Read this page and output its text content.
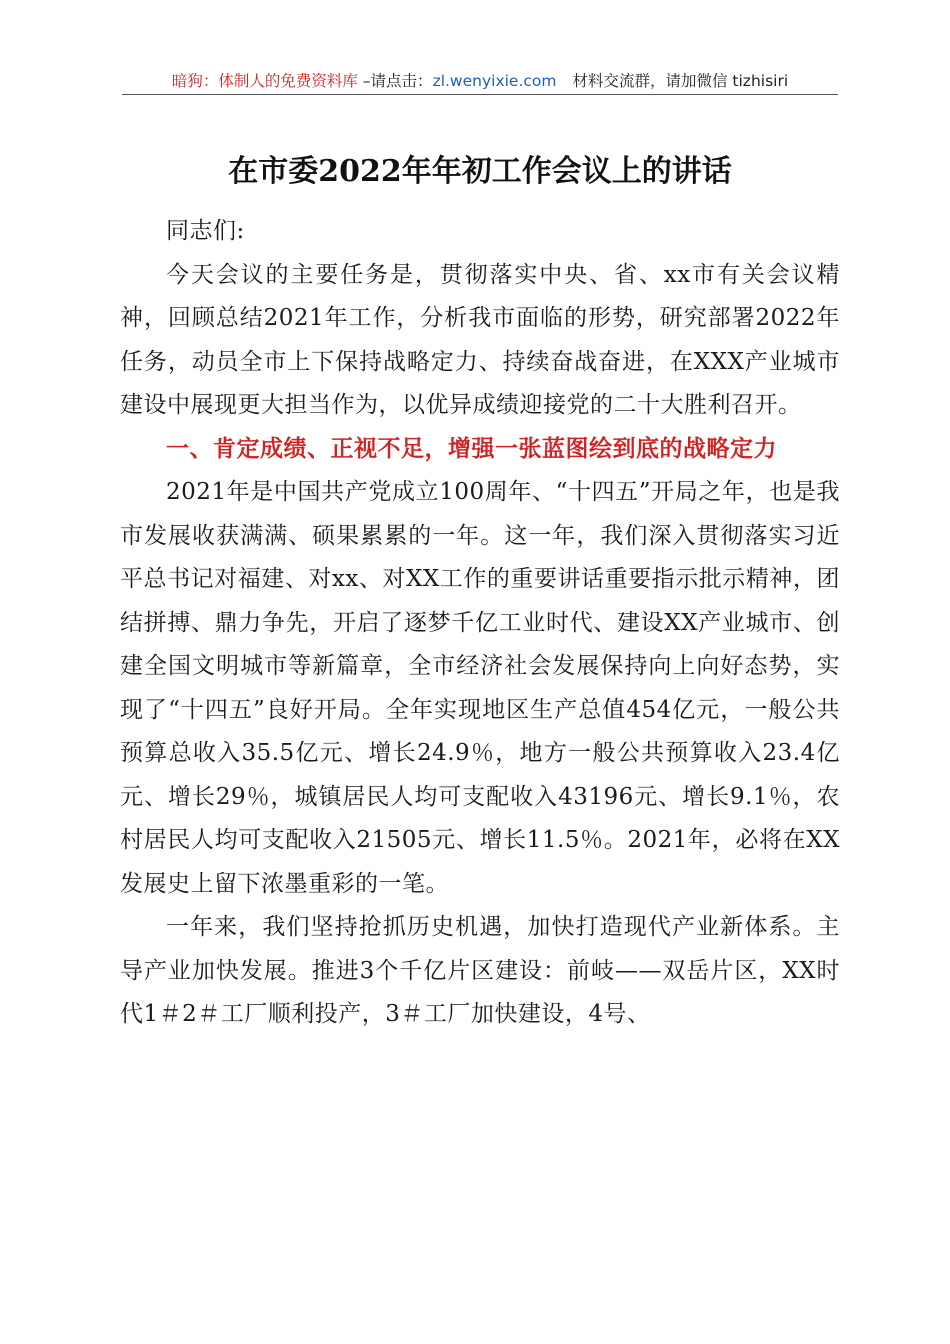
暗狗：体制人的免费资料库 –请点击：zl.wenyixie.com 材料交流群，请加微信 tizhisiri
在市委2022年年初工作会议上的讲话

同志们:

今天会议的主要任务是，贯彻落实中央、省、xx市有关会议精神，回顾总结2021年工作，分析我市面临的形势，研究部署2022年任务，动员全市上下保持战略定力、持续奋战奋进，在XXX产业城市建设中展现更大担当作为，以优异成绩迎接党的二十大胜利召开。

一、肯定成绩、正视不足，增强一张蓝图绘到底的战略定力

2021年是中国共产党成立100周年、“十四五”开局之年，也是我市发展收获满满、硕果累累的一年。这一年，我们深入贯彻落实习近平总书记对福建、对xx、对XX工作的重要讲话重要指示批示精神，团结拼搏、鼎力争先，开启了逐梦千亿工业时代、建设XX产业城市、创建全国文明城市等新篇章，全市经济社会发展保持向上向好态势，实现了“十四五”良好开局。全年实现地区生产总值454亿元，一般公共预算总收入35.5亿元、增长24.9％，地方一般公共预算收入23.4亿元、增长29％，城镇居民人均可支配收入43196元、增长9.1％，农村居民人均可支配收入21505元、增长11.5％。2021年，必将在XX发展史上留下浓墨重彩的一笔。

一年来，我们坚持抢抓历史机遇，加快打造现代产业新体系。主导产业加快发展。推进3个千亿片区建设：前岐——双岳片区，XX时代1＃2＃工厂顺利投产，3＃工厂加快建设，4号、
